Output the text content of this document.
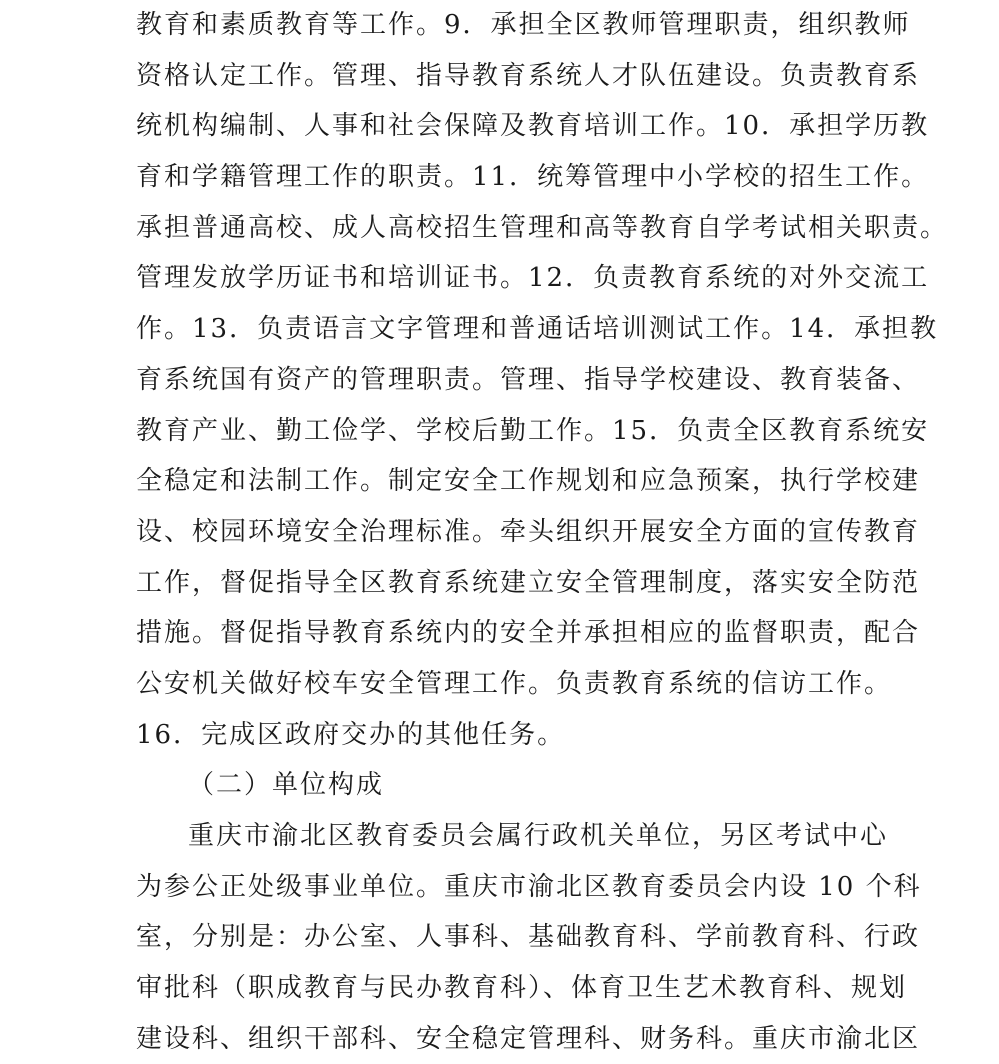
教育和素质教育等工作。9．承担全区教师管理职责，组织教师
资格认定工作。管理、指导教育系统人才队伍建设。负责教育系
统机构编制、人事和社会保障及教育培训工作。10．承担学历教
育和学籍管理工作的职责。11．统筹管理中小学校的招生工作。
承担普通高校、成人高校招生管理和高等教育自学考试相关职责。
管理发放学历证书和培训证书。12．负责教育系统的对外交流工
作。13．负责语言文字管理和普通话培训测试工作。14．承担教
育系统国有资产的管理职责。管理、指导学校建设、教育装备、
教育产业、勤工俭学、学校后勤工作。15．负责全区教育系统安
全稳定和法制工作。制定安全工作规划和应急预案，执行学校建
设、校园环境安全治理标准。牵头组织开展安全方面的宣传教育
工作，督促指导全区教育系统建立安全管理制度，落实安全防范
措施。督促指导教育系统内的安全并承担相应的监督职责，配合
公安机关做好校车安全管理工作。负责教育系统的信访工作。
16．完成区政府交办的其他任务。
（二）单位构成
重庆市渝北区教育委员会属行政机关单位，另区考试中心
为参公正处级事业单位。重庆市渝北区教育委员会内设 10 个科
室，分别是：办公室、人事科、基础教育科、学前教育科、行政
审批科（职成教育与民办教育科）、体育卫生艺术教育科、规划
建设科、组织干部科、安全稳定管理科、财务科。重庆市渝北区
